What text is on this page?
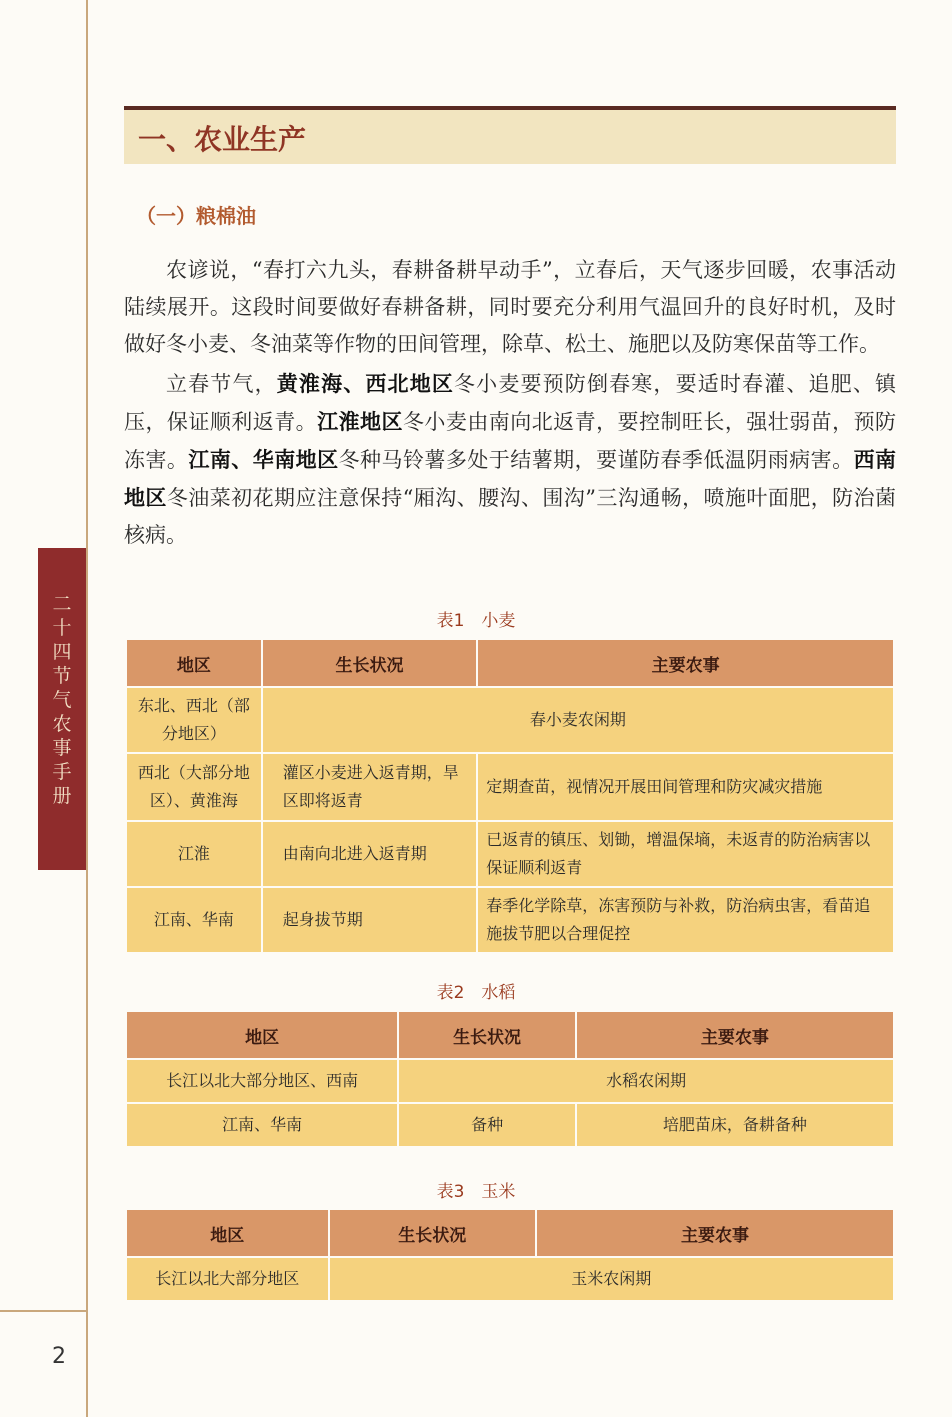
二
十
四
节
气
农
事
手
册
2
一、农业生产
（一）粮棉油

农谚说，“春打六九头，春耕备耕早动手”，立春后，天气逐步回暖，农事活动陆续展开。这段时间要做好春耕备耕，同时要充分利用气温回升的良好时机，及时做好冬小麦、冬油菜等作物的田间管理，除草、松土、施肥以及防寒保苗等工作。

立春节气，黄淮海、西北地区冬小麦要预防倒春寒，要适时春灌、追肥、镇压，保证顺利返青。江淮地区冬小麦由南向北返青，要控制旺长，强壮弱苗，预防冻害。江南、华南地区冬种马铃薯多处于结薯期，要谨防春季低温阴雨病害。西南地区冬油菜初花期应注意保持“厢沟、腰沟、围沟”三沟通畅，喷施叶面肥，防治菌核病。

表1　小麦
地区	生长状况	主要农事
东北、西北（部分地区）	春小麦农闲期	
西北（大部分地区）、黄淮海	灌区小麦进入返青期，旱区即将返青	定期查苗，视情况开展田间管理和防灾减灾措施
江淮	由南向北进入返青期	已返青的镇压、划锄，增温保墒，未返青的防治病害以保证顺利返青
江南、华南	起身拔节期	春季化学除草，冻害预防与补救，防治病虫害，看苗追施拔节肥以合理促控
表2　水稻
地区	生长状况	主要农事
长江以北大部分地区、西南	水稻农闲期	
江南、华南	备种	培肥苗床，备耕备种
表3　玉米
地区	生长状况	主要农事
长江以北大部分地区	玉米农闲期	
